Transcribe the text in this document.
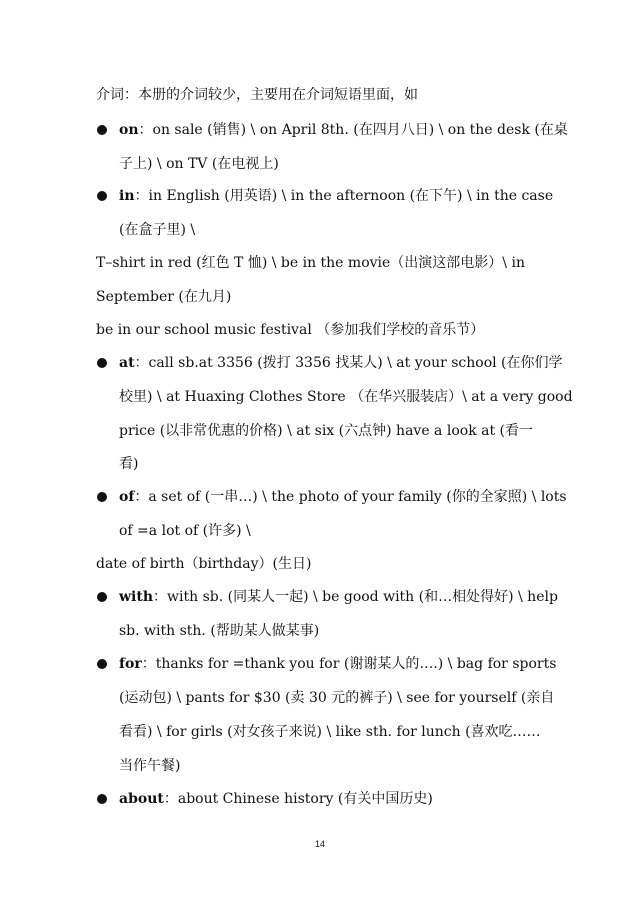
介词：本册的介词较少，主要用在介词短语里面，如
on：on sale (销售) \ on April 8th. (在四月八日) \ on the desk (在桌
子上) \ on TV (在电视上)
in：in English (用英语) \ in the afternoon (在下午) \ in the case
(在盒子里) \
T–shirt in red (红色 T 恤) \ be in the movie（出演这部电影）\ in
September (在九月)
be in our school music festival （参加我们学校的音乐节）
at：call sb.at 3356 (拨打 3356 找某人) \ at your school (在你们学
校里) \ at Huaxing Clothes Store （在华兴服装店）\ at a very good
price (以非常优惠的价格) \ at six (六点钟) have a look at (看一
看)
of：a set of (一串…) \ the photo of your family (你的全家照) \ lots
of =a lot of (许多) \
date of birth（birthday）(生日)
with：with sb. (同某人一起) \ be good with (和…相处得好) \ help
sb. with sth. (帮助某人做某事)
for：thanks for =thank you for (谢谢某人的….) \ bag for sports
(运动包) \ pants for $30 (卖 30 元的裤子) \ see for yourself (亲自
看看) \ for girls (对女孩子来说) \ like sth. for lunch (喜欢吃……
当作午餐)
about：about Chinese history (有关中国历史)
14
